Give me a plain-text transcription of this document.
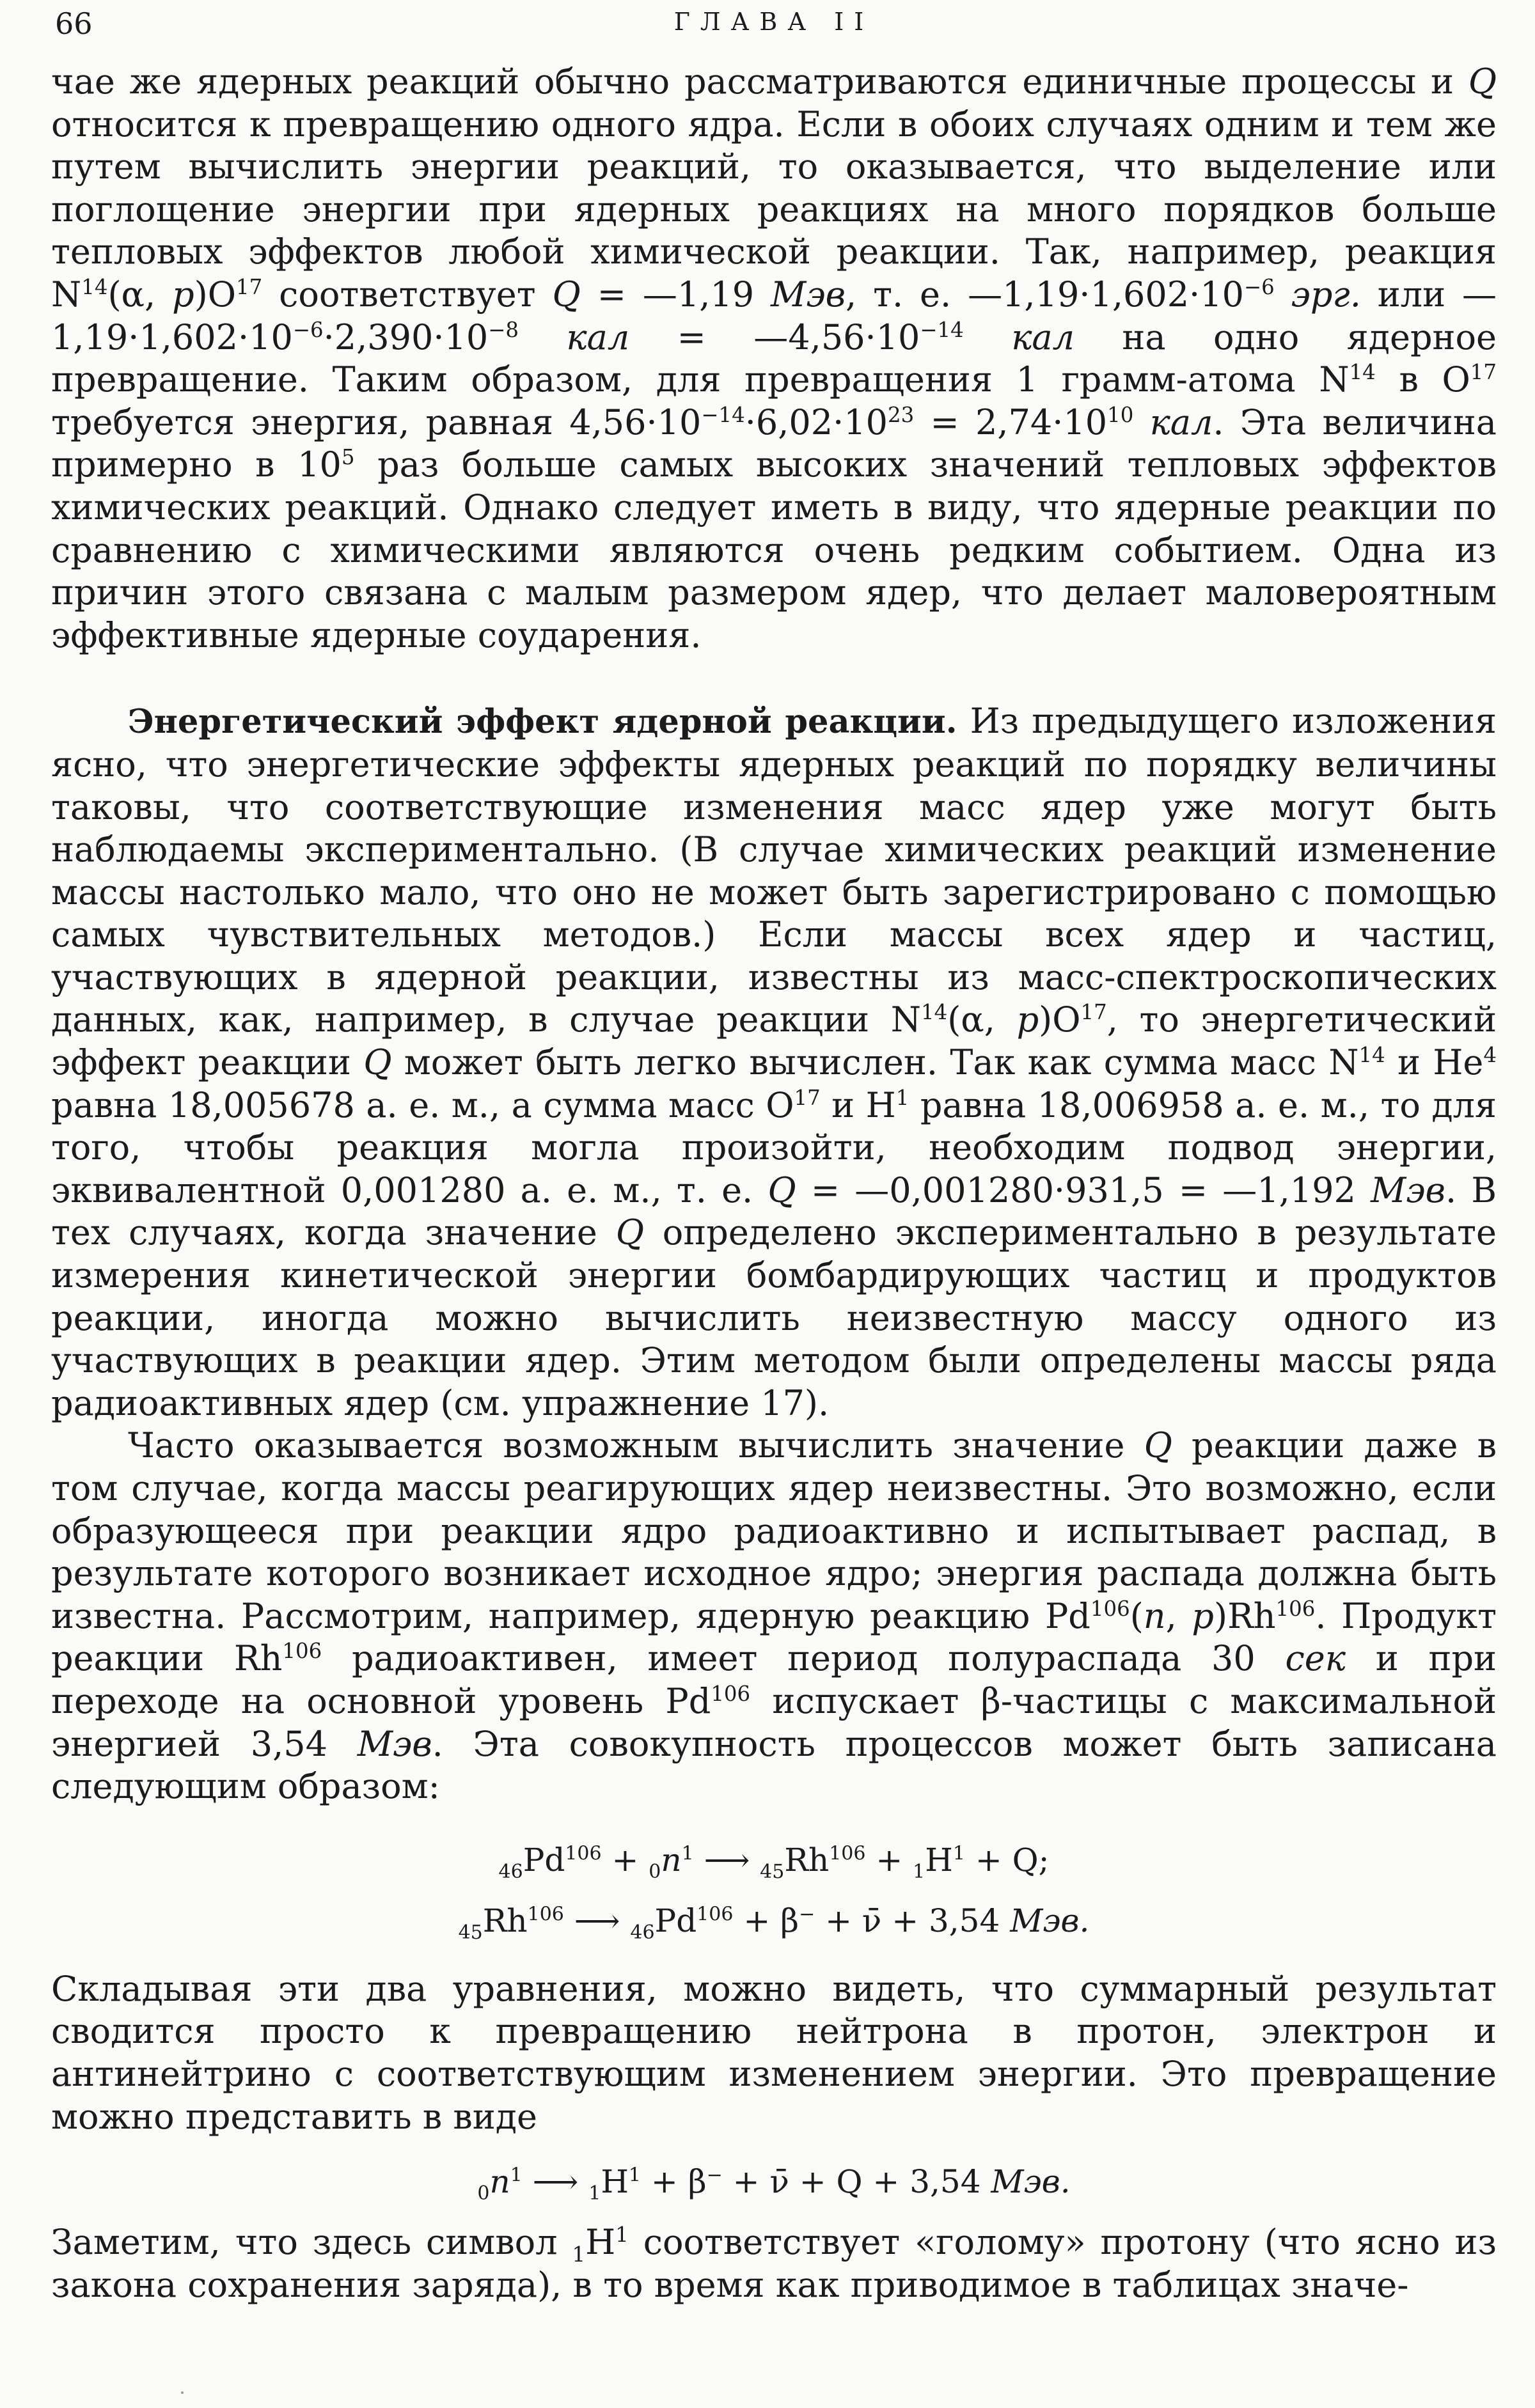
66	ГЛАВА II

чае же ядерных реакций обычно рассматриваются единичные процессы и Q относится к превращению одного ядра. Если в обоих случаях одним и тем же путем вычислить энергии реакций, то оказывается, что выделение или поглощение энергии при ядерных реакциях на много порядков больше тепловых эффектов любой химической реакции. Так, например, реакция $N^{14}(\alpha$, $p)O^{17}$ соответствует Q = —1,19 Мэв, т. е. $—1,19\cdot 1,602\cdot 10^{-6}$ эрг. или $—1,19\cdot 1,602\cdot 10^{-6}\cdot 2,390\cdot 10^{-8}$ кал = $—4,56\cdot 10^{-14}$ кал на одно ядерное превращение. Таким образом, для превращения 1 грамм-атома $N^{14}$ в $O^{17}$ требуется энергия, равная $4,56\cdot 10^{-14}\cdot 6,02\cdot 10^{23} = 2,74\cdot 10^{10}$ кал. Эта величина примерно в $10^5$ раз больше самых высоких значений тепловых эффектов химических реакций. Однако следует иметь в виду, что ядерные реакции по сравнению с химическими являются очень редким событием. Одна из причин этого связана с малым размером ядер, что делает маловероятным эффективные ядерные соударения.

Энергетический эффект ядерной реакции. Из предыдущего изложения ясно, что энергетические эффекты ядерных реакций по порядку величины таковы, что соответствующие изменения масс ядер уже могут быть наблюдаемы экспериментально. (В случае химических реакций изменение массы настолько мало, что оно не может быть зарегистрировано с помощью самых чувствительных методов.) Если массы всех ядер и частиц, участвующих в ядерной реакции, известны из масс-спектроскопических данных, как, например, в случае реакции $N^{14}(\alpha$, $p)O^{17}$, то энергетический эффект реакции Q может быть легко вычислен. Так как сумма масс $N^{14}$ и He$^4$ равна 18,005678 а. е. м., а сумма масс $O^{17}$ и $H^1$ равна 18,006958 а. е. м., то для того, чтобы реакция могла произойти, необходим подвод энергии, эквивалентной 0,001280 а. е. м., т. е. Q = —0,001280·931,5 = —1,192 Мэв. В тех случаях, когда значение Q определено экспериментально в результате измерения кинетической энергии бомбардирующих частиц и продуктов реакции, иногда можно вычислить неизвестную массу одного из участвующих в реакции ядер. Этим методом были определены массы ряда радиоактивных ядер (см. упражнение 17).

Часто оказывается возможным вычислить значение Q реакции даже в том случае, когда массы реагирующих ядер неизвестны. Это возможно, если образующееся при реакции ядро радиоактивно и испытывает распад, в результате которого возникает исходное ядро; энергия распада должна быть известна. Рассмотрим, например, ядерную реакцию Pd$^{106}$(n, p)Rh$^{106}$. Продукт реакции Rh$^{106}$ радиоактивен, имеет период полураспада 30 сек и при переходе на основной уровень Pd$^{106}$ испускает β-частицы с максимальной энергией 3,54 Мэв. Эта совокупность процессов может быть записана следующим образом:

$_{46}Pd^{106} + _0n^1$ ⟶ $_{45}Rh^{106} + _1H^1 + Q$;
$_{45}Rh^{106}$ ⟶ $_{46}Pd^{106} + \beta^-$ + ν̄ + 3,54 Мэв.

Складывая эти два уравнения, можно видеть, что суммарный результат сводится просто к превращению нейтрона в протон, электрон и антинейтрино с соответствующим изменением энергии. Это превращение можно представить в виде

$_0n^1$ ⟶ $_1H^1 + \beta^-$ + ν̄ + Q + 3,54 Мэв.

Заметим, что здесь символ $_1H^1$ соответствует «голому» протону (что ясно из закона сохранения заряда), в то время как приводимое в таблицах значе-
